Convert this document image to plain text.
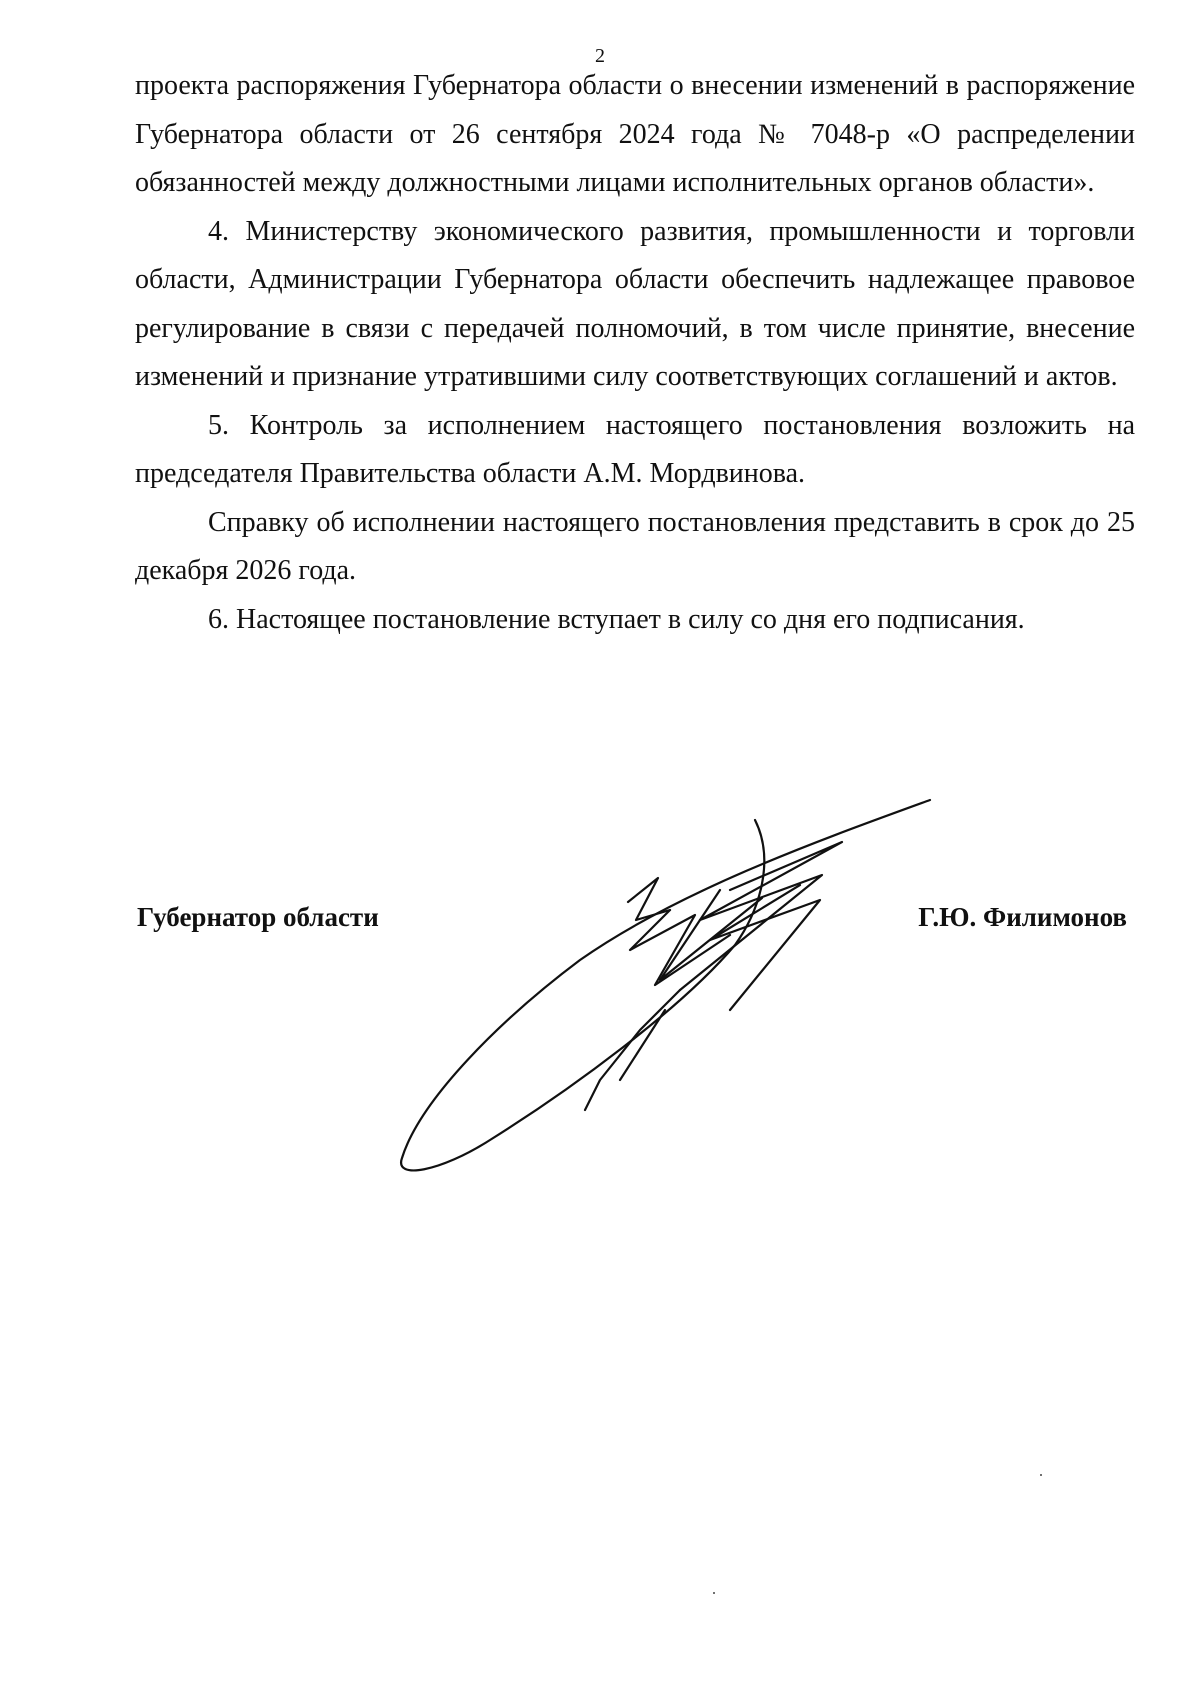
2

проекта распоряжения Губернатора области о внесении изменений в распоряжение Губернатора области от 26 сентября 2024 года № 7048-р «О распределении обязанностей между должностными лицами исполнительных органов области».

4. Министерству экономического развития, промышленности и торговли области, Администрации Губернатора области обеспечить надлежащее правовое регулирование в связи с передачей полномочий, в том числе принятие, внесение изменений и признание утратившими силу соответствующих соглашений и актов.

5. Контроль за исполнением настоящего постановления возложить на председателя Правительства области А.М. Мордвинова.

Справку об исполнении настоящего постановления представить в срок до 25 декабря 2026 года.

6. Настоящее постановление вступает в силу со дня его подписания.

Губернатор области	Г.Ю. Филимонов
